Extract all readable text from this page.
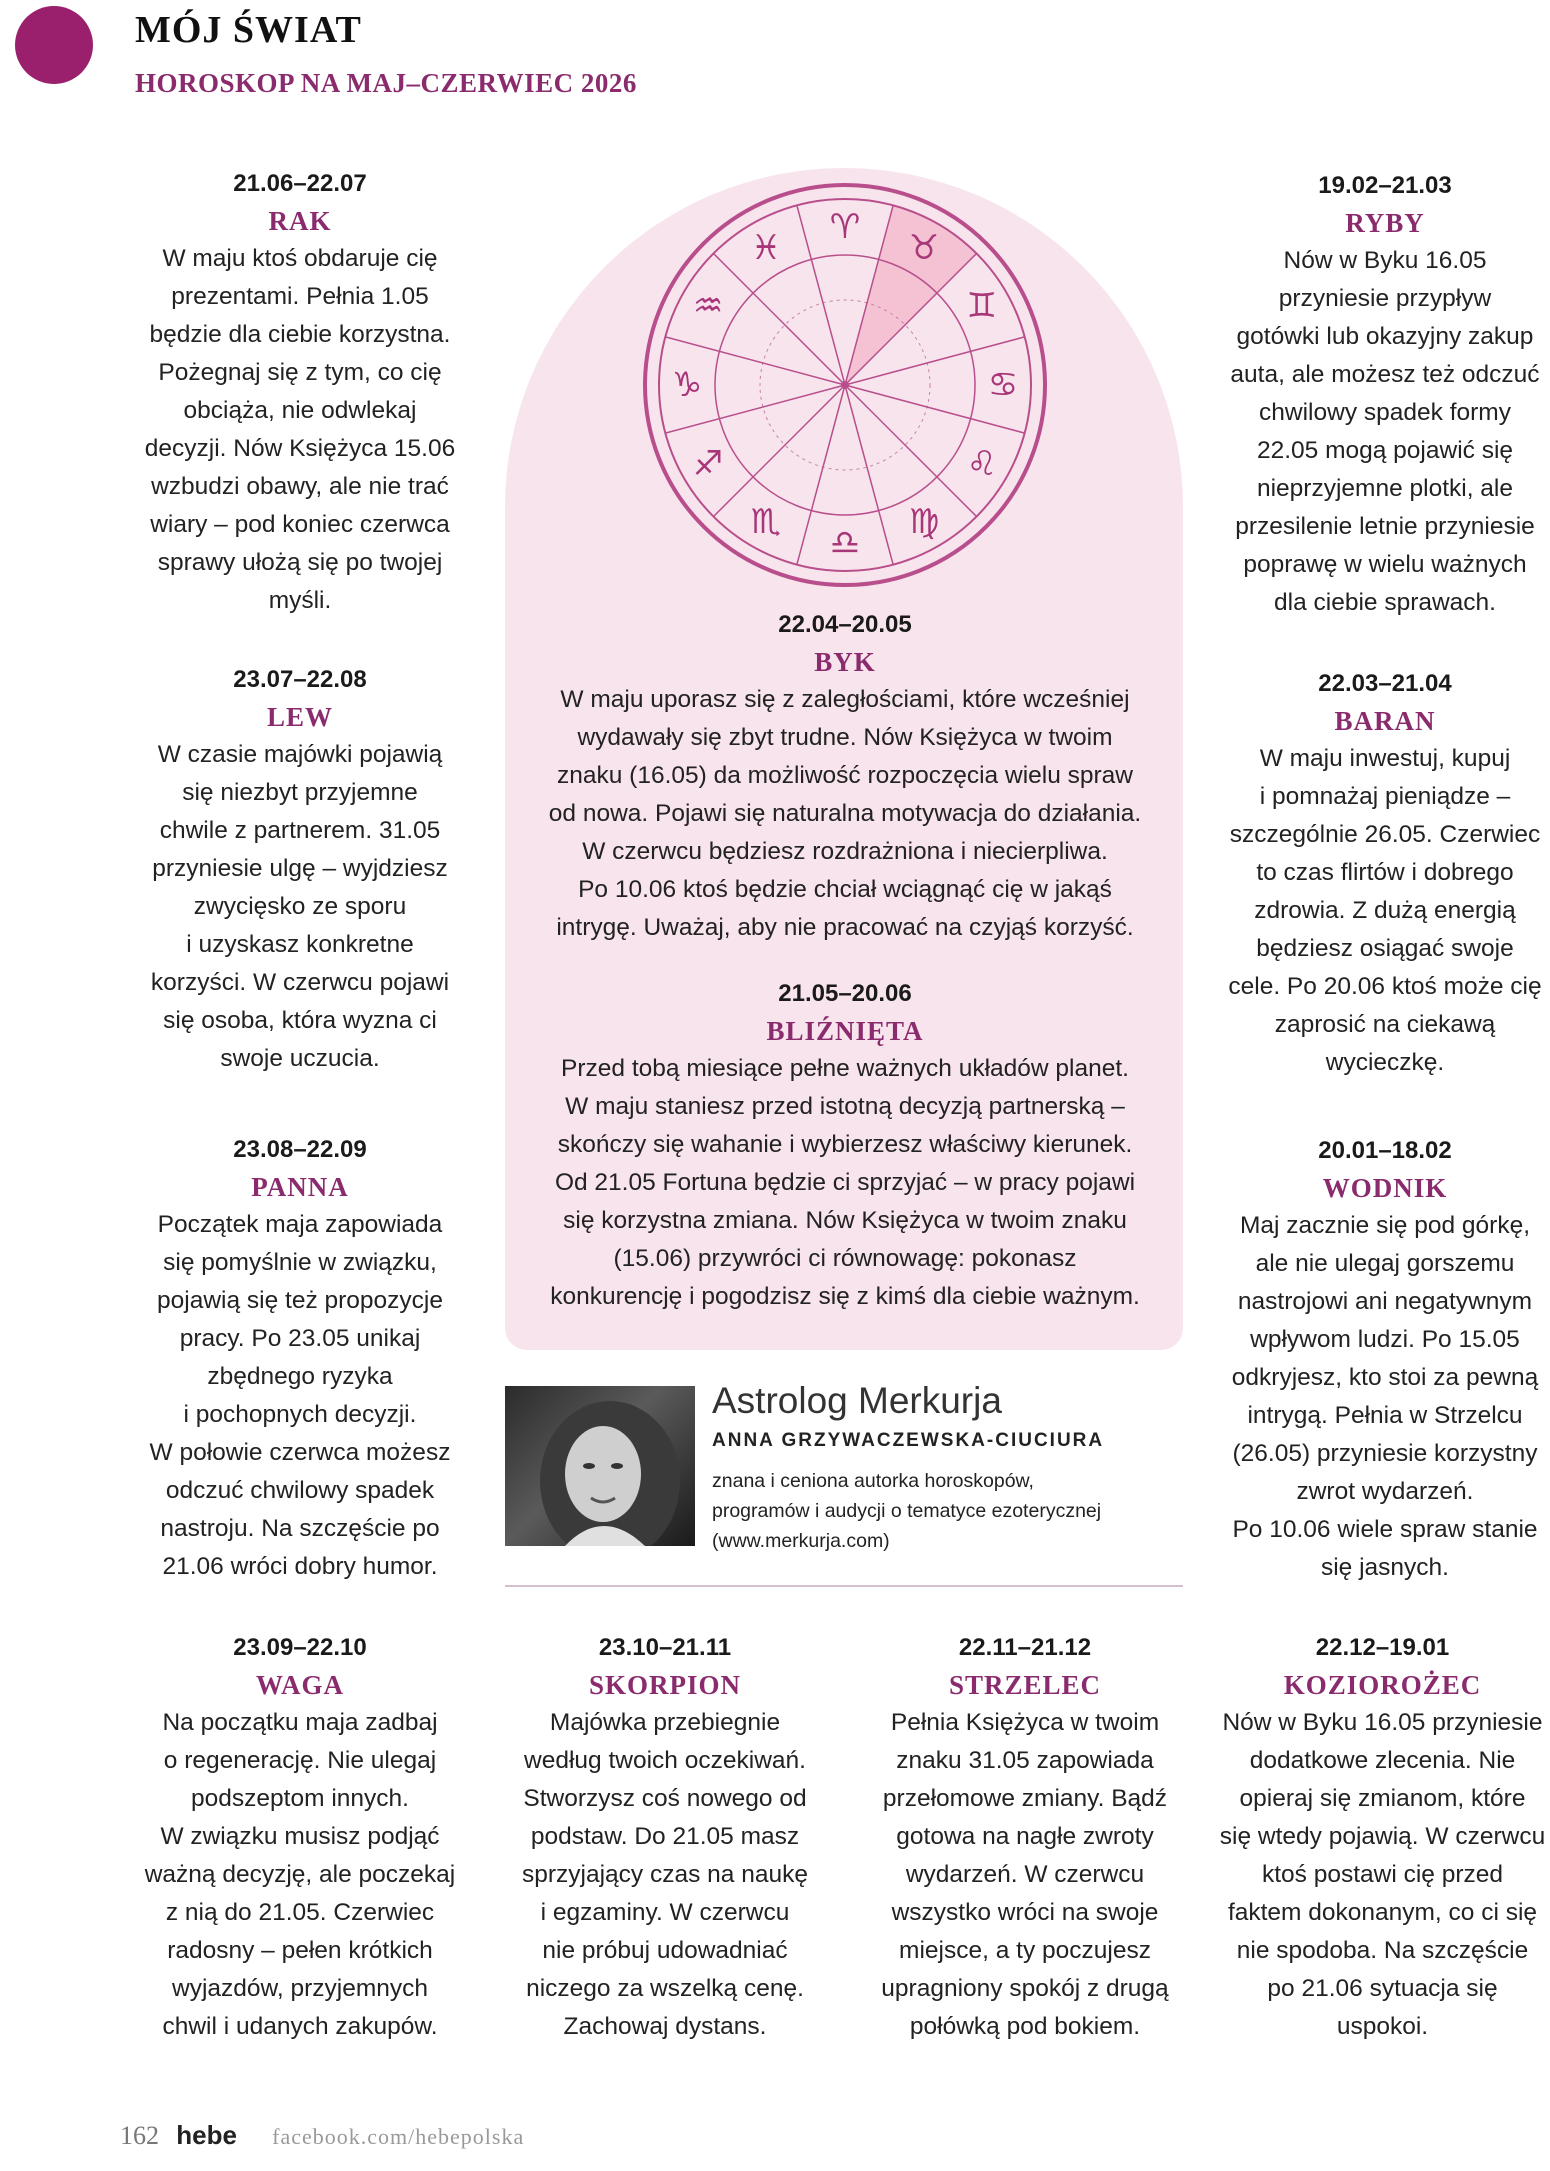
MÓJ ŚWIAT
HOROSKOP NA MAJ–CZERWIEC 2026
♈
♉
♊
♋
♌
♍
♎
♏
♐
♑
♒
♓
21.06–22.07
RAK
W maju ktoś obdaruje cię
prezentami. Pełnia 1.05
będzie dla ciebie korzystna.
Pożegnaj się z tym, co cię
obciąża, nie odwlekaj
decyzji. Nów Księżyca 15.06
wzbudzi obawy, ale nie trać
wiary – pod koniec czerwca
sprawy ułożą się po twojej
myśli.
23.07–22.08
LEW
W czasie majówki pojawią
się niezbyt przyjemne
chwile z partnerem. 31.05
przyniesie ulgę – wyjdziesz
zwycięsko ze sporu
i uzyskasz konkretne
korzyści. W czerwcu pojawi
się osoba, która wyzna ci
swoje uczucia.
23.08–22.09
PANNA
Początek maja zapowiada
się pomyślnie w związku,
pojawią się też propozycje
pracy. Po 23.05 unikaj
zbędnego ryzyka
i pochopnych decyzji.
W połowie czerwca możesz
odczuć chwilowy spadek
nastroju. Na szczęście po
21.06 wróci dobry humor.
22.04–20.05
BYK
W maju uporasz się z zaległościami, które wcześniej
wydawały się zbyt trudne. Nów Księżyca w twoim
znaku (16.05) da możliwość rozpoczęcia wielu spraw
od nowa. Pojawi się naturalna motywacja do działania.
W czerwcu będziesz rozdrażniona i niecierpliwa.
Po 10.06 ktoś będzie chciał wciągnąć cię w jakąś
intrygę. Uważaj, aby nie pracować na czyjąś korzyść.
21.05–20.06
BLIŹNIĘTA
Przed tobą miesiące pełne ważnych układów planet.
W maju staniesz przed istotną decyzją partnerską –
skończy się wahanie i wybierzesz właściwy kierunek.
Od 21.05 Fortuna będzie ci sprzyjać – w pracy pojawi
się korzystna zmiana. Nów Księżyca w twoim znaku
(15.06) przywróci ci równowagę: pokonasz
konkurencję i pogodzisz się z kimś dla ciebie ważnym.
19.02–21.03
RYBY
Nów w Byku 16.05
przyniesie przypływ
gotówki lub okazyjny zakup
auta, ale możesz też odczuć
chwilowy spadek formy
22.05 mogą pojawić się
nieprzyjemne plotki, ale
przesilenie letnie przyniesie
poprawę w wielu ważnych
dla ciebie sprawach.
22.03–21.04
BARAN
W maju inwestuj, kupuj
i pomnażaj pieniądze –
szczególnie 26.05. Czerwiec
to czas flirtów i dobrego
zdrowia. Z dużą energią
będziesz osiągać swoje
cele. Po 20.06 ktoś może cię
zaprosić na ciekawą
wycieczkę.
20.01–18.02
WODNIK
Maj zacznie się pod górkę,
ale nie ulegaj gorszemu
nastrojowi ani negatywnym
wpływom ludzi. Po 15.05
odkryjesz, kto stoi za pewną
intrygą. Pełnia w Strzelcu
(26.05) przyniesie korzystny
zwrot wydarzeń.
Po 10.06 wiele spraw stanie
się jasnych.
Astrolog Merkurja
ANNA GRZYWACZEWSKA-CIUCIURA
znana i ceniona autorka horoskopów,
programów i audycji o tematyce ezoterycznej
(www.merkurja.com)
23.09–22.10
WAGA
Na początku maja zadbaj
o regenerację. Nie ulegaj
podszeptom innych.
W związku musisz podjąć
ważną decyzję, ale poczekaj
z nią do 21.05. Czerwiec
radosny – pełen krótkich
wyjazdów, przyjemnych
chwil i udanych zakupów.
23.10–21.11
SKORPION
Majówka przebiegnie
według twoich oczekiwań.
Stworzysz coś nowego od
podstaw. Do 21.05 masz
sprzyjający czas na naukę
i egzaminy. W czerwcu
nie próbuj udowadniać
niczego za wszelką cenę.
Zachowaj dystans.
22.11–21.12
STRZELEC
Pełnia Księżyca w twoim
znaku 31.05 zapowiada
przełomowe zmiany. Bądź
gotowa na nagłe zwroty
wydarzeń. W czerwcu
wszystko wróci na swoje
miejsce, a ty poczujesz
upragniony spokój z drugą
połówką pod bokiem.
22.12–19.01
KOZIOROŻEC
Nów w Byku 16.05 przyniesie
dodatkowe zlecenia. Nie
opieraj się zmianom, które
się wtedy pojawią. W czerwcu
ktoś postawi cię przed
faktem dokonanym, co ci się
nie spodoba. Na szczęście
po 21.06 sytuacja się
uspokoi.
162 hebe facebook.com/hebepolska
